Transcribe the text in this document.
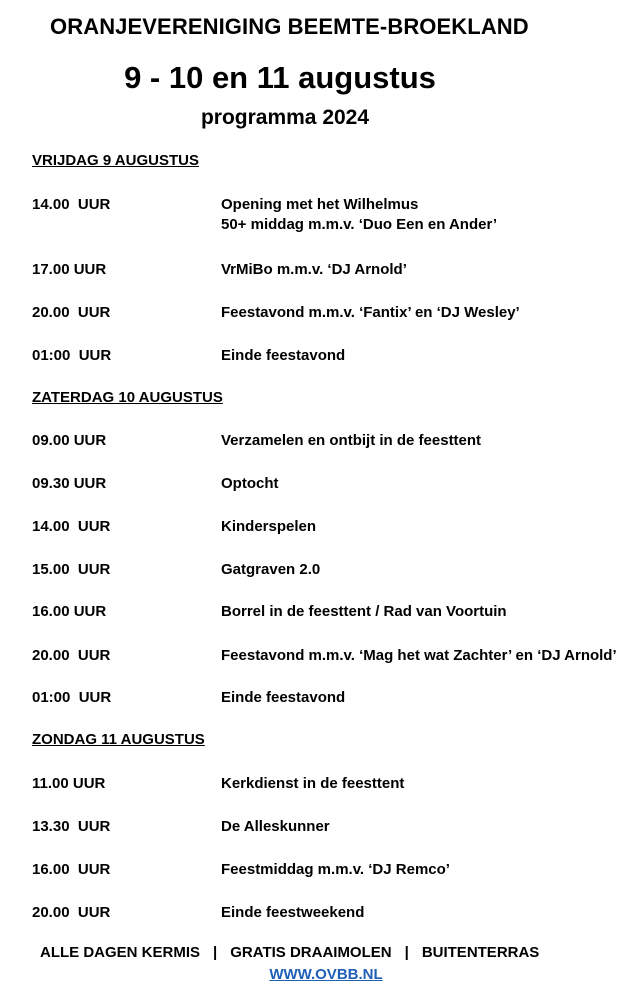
ORANJEVERENIGING BEEMTE-BROEKLAND
9 - 10 en 11 augustus
programma 2024
VRIJDAG 9 AUGUSTUS
14.00  UUR	Opening met het Wilhelmus
50+ middag m.m.v. ‘Duo Een en Ander’
17.00 UUR	VrMiBo m.m.v. ‘DJ Arnold’
20.00  UUR	Feestavond m.m.v. ‘Fantix’ en ‘DJ Wesley’
01:00  UUR	Einde feestavond
ZATERDAG 10 AUGUSTUS
09.00 UUR	Verzamelen en ontbijt in de feesttent
09.30 UUR	Optocht
14.00  UUR	Kinderspelen
15.00  UUR	Gatgraven 2.0
16.00 UUR	Borrel in de feesttent / Rad van Voortuin
20.00  UUR	Feestavond m.m.v. ‘Mag het wat Zachter’ en ‘DJ Arnold’
01:00  UUR	Einde feestavond
ZONDAG 11 AUGUSTUS
11.00 UUR	Kerkdienst in de feesttent
13.30  UUR	De Alleskunner
16.00  UUR	Feestmiddag m.m.v. ‘DJ Remco’
20.00  UUR	Einde feestweekend
ALLE DAGEN KERMIS | GRATIS DRAAIMOLEN | BUITENTERRAS
WWW.OVBB.NL
